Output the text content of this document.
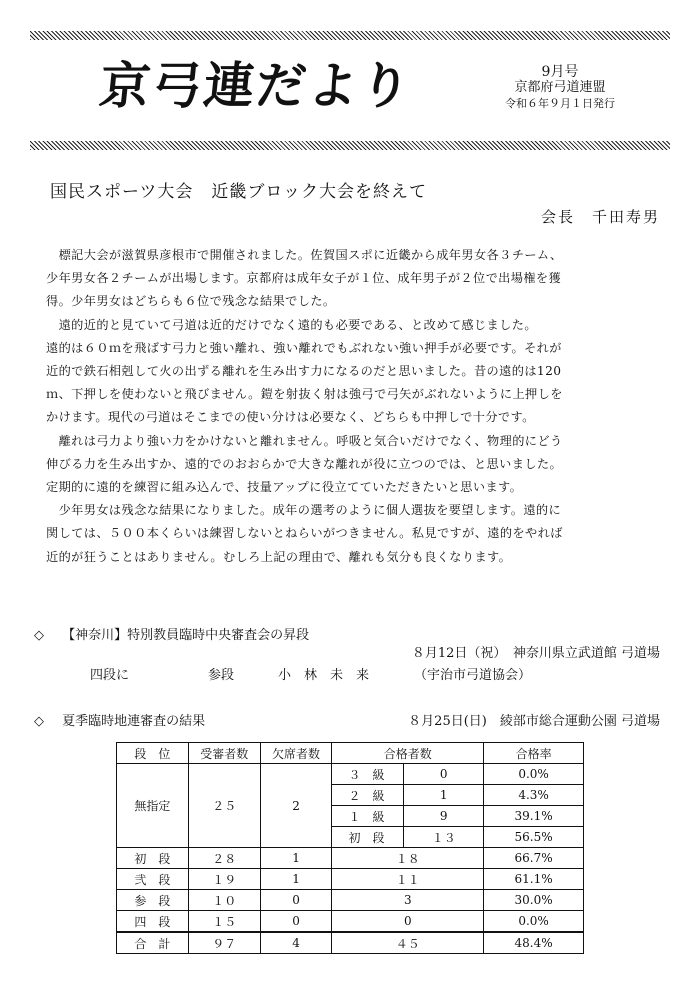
京弓連だより	9月号
京都府弓道連盟
令和６年９月１日発行
国民スポーツ大会　近畿ブロック大会を終えて
会長　千田寿男

　標記大会が滋賀県彦根市で開催されました。佐賀国スポに近畿から成年男女各３チーム、
少年男女各２チームが出場します。京都府は成年女子が１位、成年男子が２位で出場権を獲
得。少年男女はどちらも６位で残念な結果でした。

　遠的近的と見ていて弓道は近的だけでなく遠的も必要である、と改めて感じました。
遠的は６０ｍを飛ばす弓力と強い離れ、強い離れでもぶれない強い押手が必要です。それが
近的で鉄石相剋して火の出ずる離れを生み出す力になるのだと思いました。昔の遠的は120
ｍ、下押しを使わないと飛びません。鎧を射抜く射は強弓で弓矢がぶれないように上押しを
かけます。現代の弓道はそこまでの使い分けは必要なく、どちらも中押しで十分です。

　離れは弓力より強い力をかけないと離れません。呼吸と気合いだけでなく、物理的にどう
伸びる力を生み出すか、遠的でのおおらかで大きな離れが役に立つのでは、と思いました。
定期的に遠的を練習に組み込んで、技量アップに役立てていただきたいと思います。

　少年男女は残念な結果になりました。成年の選考のように個人選抜を要望します。遠的に
関しては、５００本くらいは練習しないとねらいがつきません。私見ですが、遠的をやれば
近的が狂うことはありません。むしろ上記の理由で、離れも気分も良くなります。

◇ 【神奈川】特別教員臨時中央審査会の昇段
８月12日（祝）　神奈川県立武道館 弓道場
四段に	参段	小　林　未　来	（宇治市弓道協会）
◇ 夏季臨時地連審査の結果	８月25日(日)　綾部市総合運動公園 弓道場
段　位	受審者数	欠席者数	合格者数		合格率
無指定	２５	2	３　級	0	0.0%
			２　級	1	4.3%
			１　級	9	39.1%
			初　段	１３	56.5%
初　段	２８	1	１８		66.7%
弐　段	１９	1	１１		61.1%
参　段	１０	0	3		30.0%
四　段	１５	0	0		0.0%
合　計	９７	4	４５		48.4%
